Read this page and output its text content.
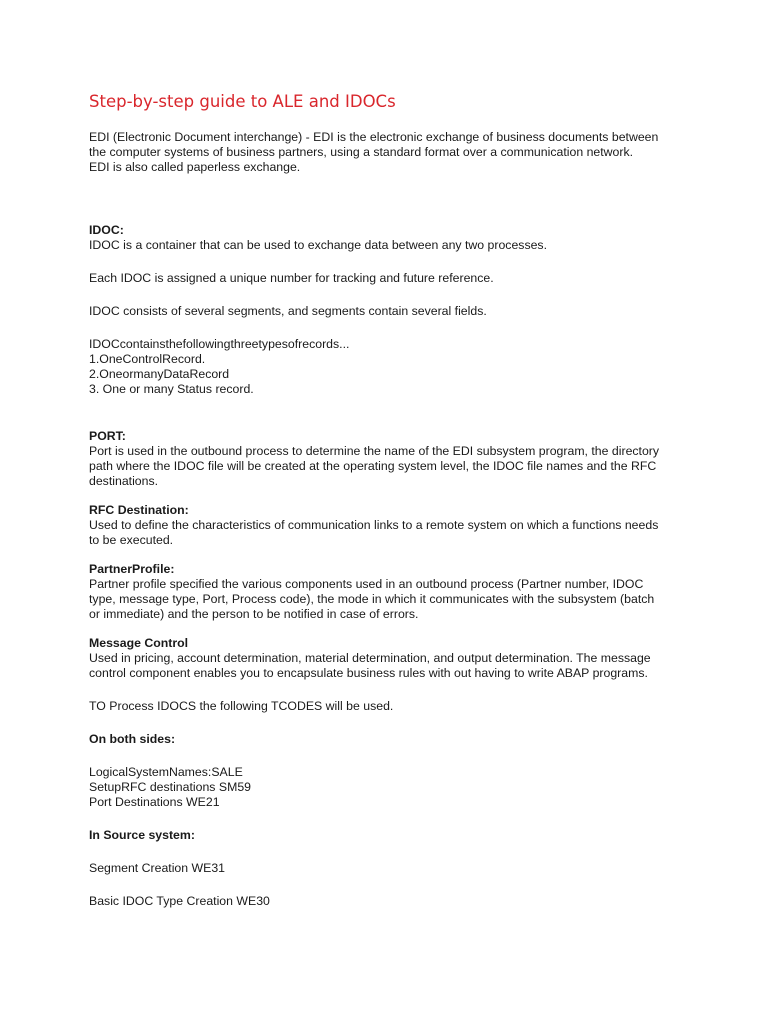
Step-by-step guide to ALE and IDOCs

EDI (Electronic Document interchange) - EDI is the electronic exchange of business documents between

the computer systems of business partners, using a standard format over a communication network.

EDI is also called paperless exchange.

IDOC:

IDOC is a container that can be used to exchange data between any two processes.

Each IDOC is assigned a unique number for tracking and future reference.

IDOC consists of several segments, and segments contain several fields.

IDOCcontainsthefollowingthreetypesofrecords...

1.OneControlRecord.

2.OneormanyDataRecord

3. One or many Status record.

PORT:

Port is used in the outbound process to determine the name of the EDI subsystem program, the directory

path where the IDOC file will be created at the operating system level, the IDOC file names and the RFC

destinations.

RFC Destination:

Used to define the characteristics of communication links to a remote system on which a functions needs

to be executed.

PartnerProfile:

Partner profile specified the various components used in an outbound process (Partner number, IDOC

type, message type, Port, Process code), the mode in which it communicates with the subsystem (batch

or immediate) and the person to be notified in case of errors.

Message Control

Used in pricing, account determination, material determination, and output determination. The message

control component enables you to encapsulate business rules with out having to write ABAP programs.

TO Process IDOCS the following TCODES will be used.

On both sides:

LogicalSystemNames:SALE

SetupRFC destinations SM59

Port Destinations WE21

In Source system:

Segment Creation WE31

Basic IDOC Type Creation WE30
